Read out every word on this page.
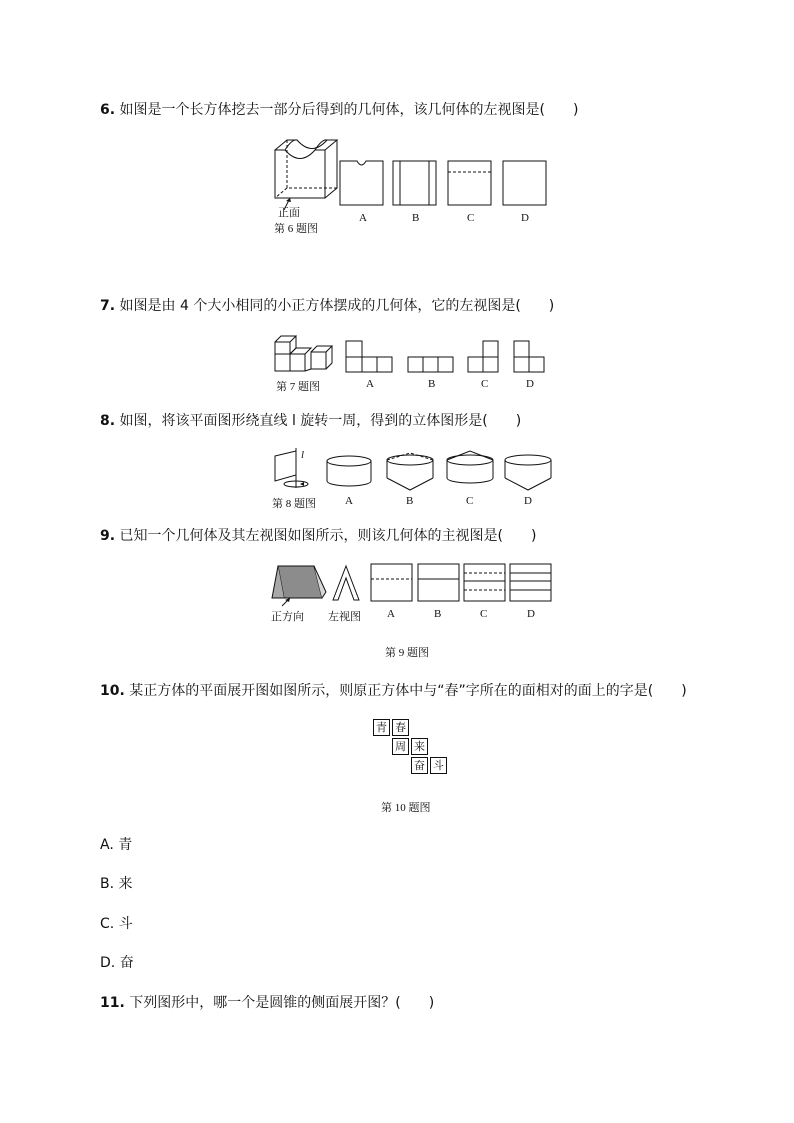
6. 如图是一个长方体挖去一部分后得到的几何体，该几何体的左视图是(　　)
正面
第 6 题图
A	B	C	D
7. 如图是由 4 个大小相同的小正方体摆成的几何体，它的左视图是(　　)
第 7 题图	A	B	C	D
8. 如图，将该平面图形绕直线 l 旋转一周，得到的立体图形是(　　)
l
第 8 题图	A	B	C	D
9. 已知一个几何体及其左视图如图所示，则该几何体的主视图是(　　)
正方向 左视图 A	B	C	D
第 9 题图
10. 某正方体的平面展开图如图所示，则原正方体中与“春”字所在的面相对的面上的字是(　　)
青 春
周 来
奋 斗
第 10 题图
A. 青
B. 来
C. 斗
D. 奋
11. 下列图形中，哪一个是圆锥的侧面展开图？(　　)
